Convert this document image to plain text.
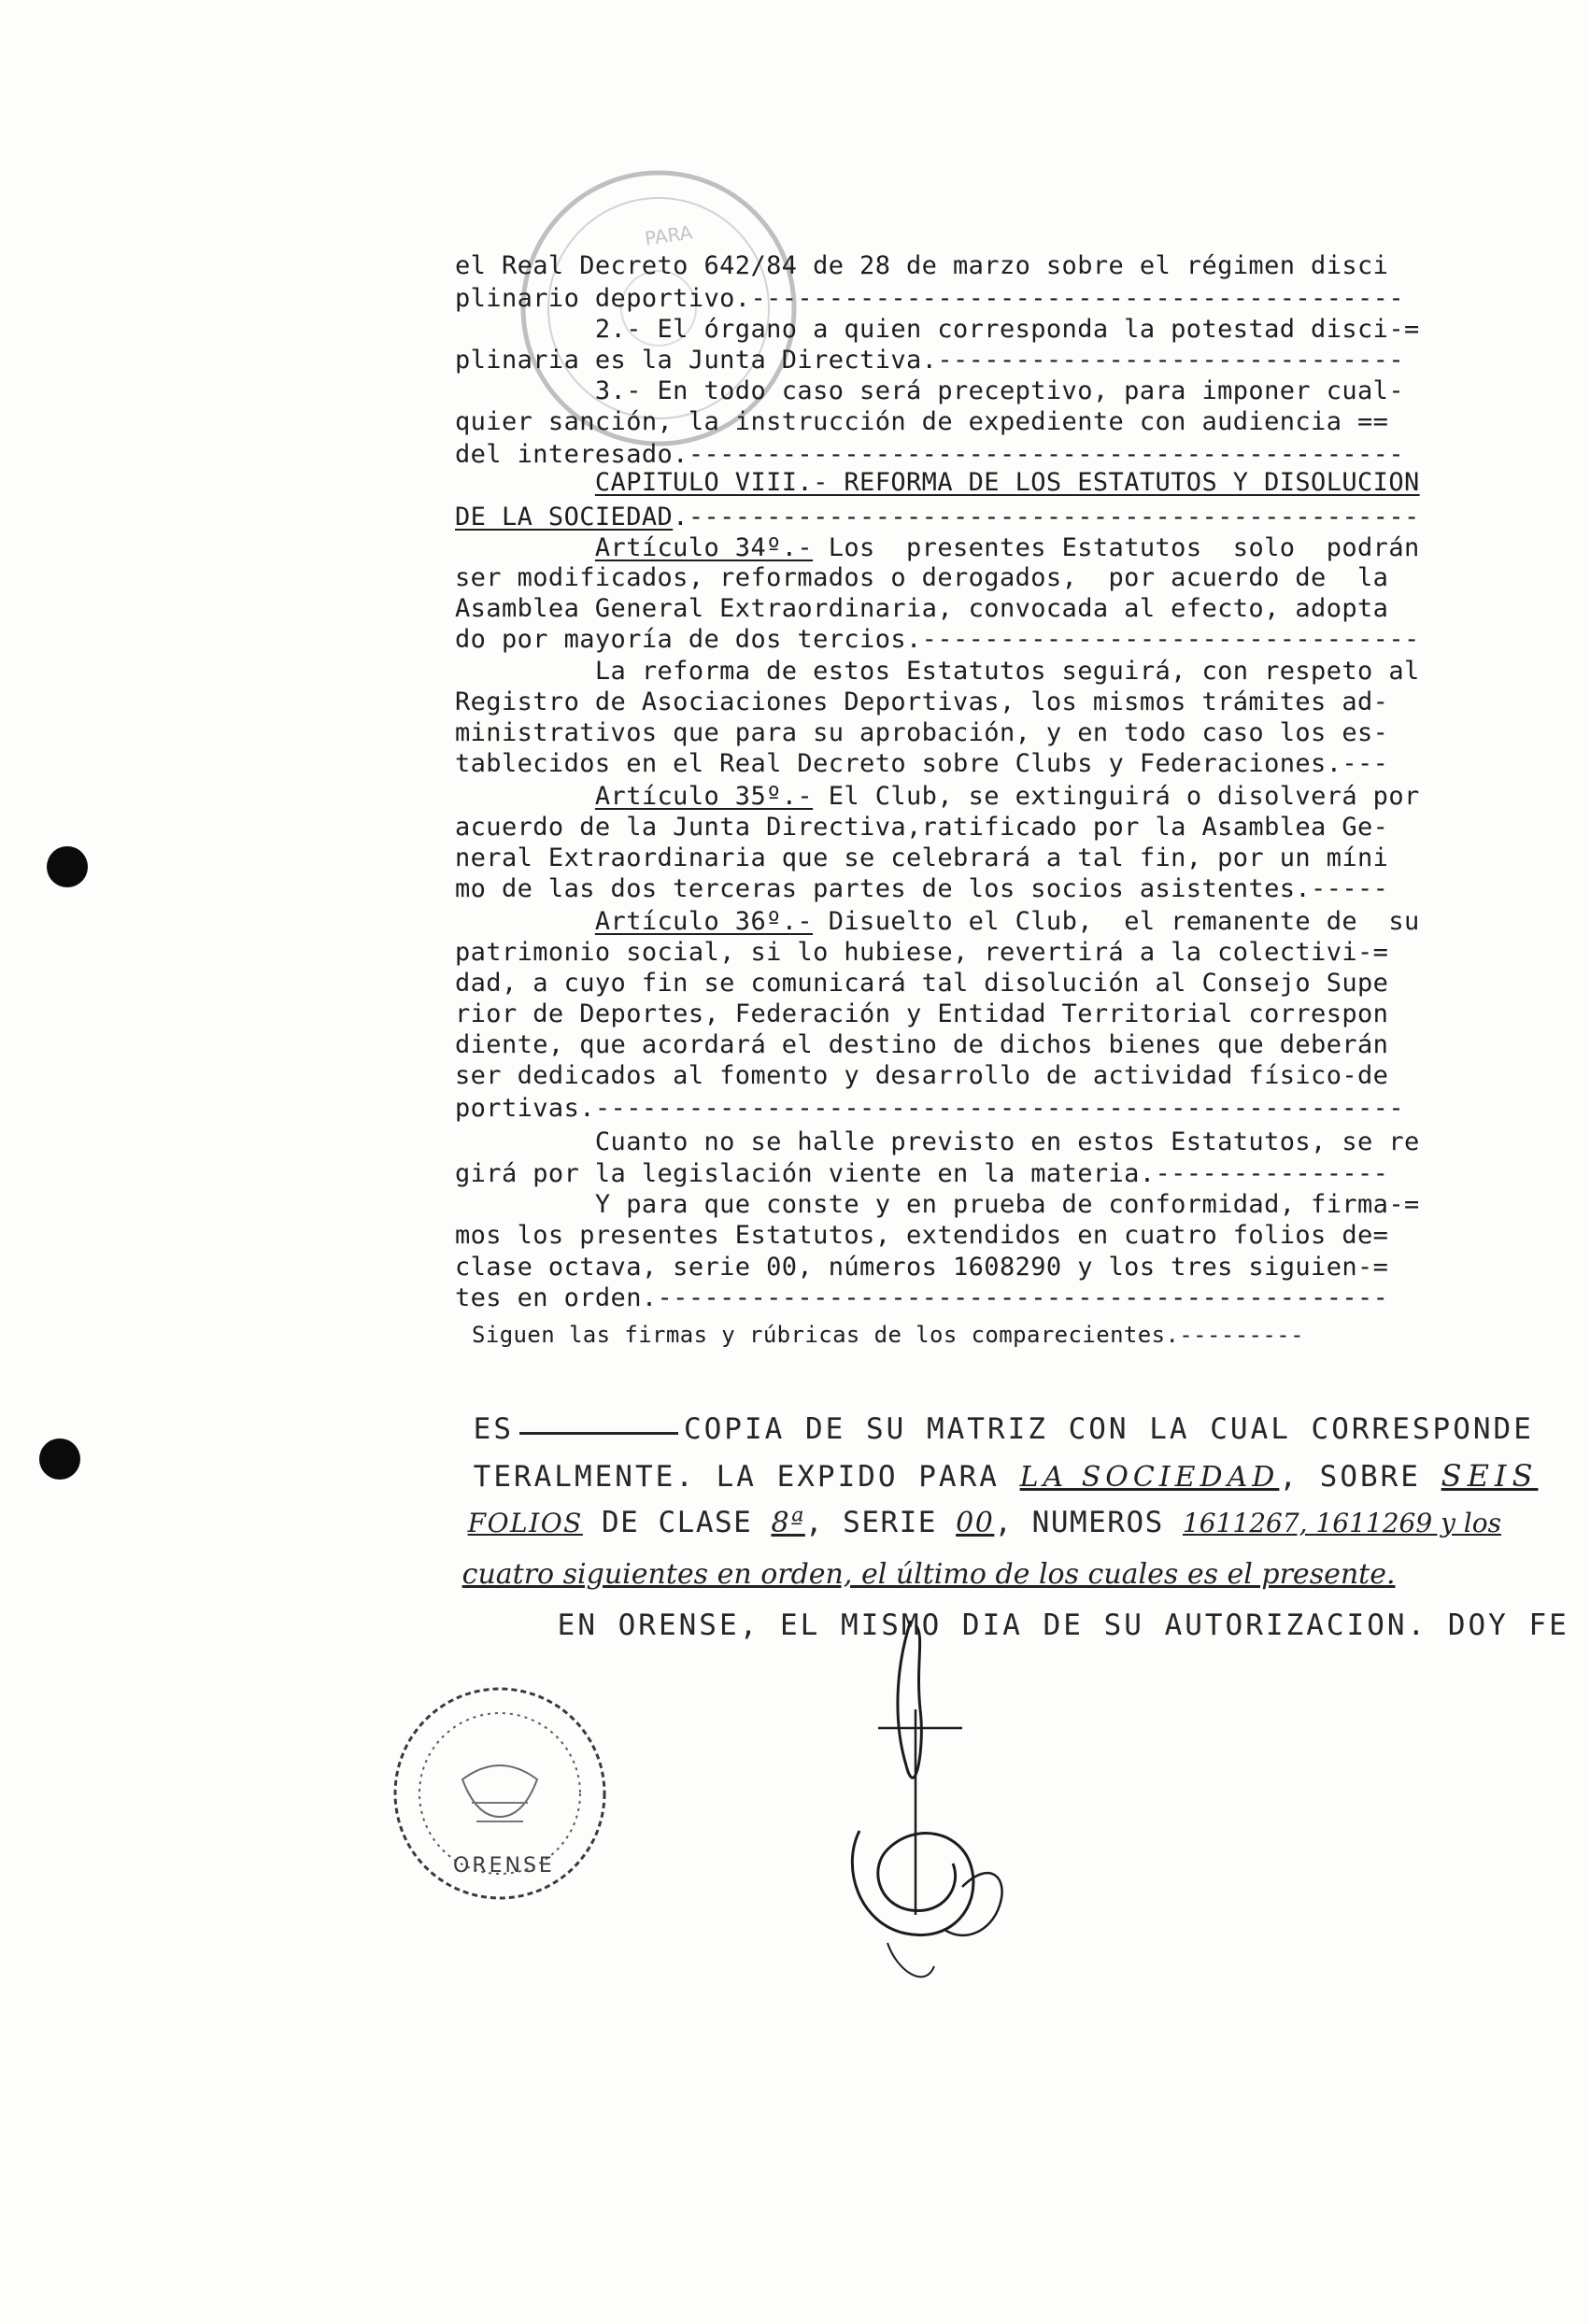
PARA
el Real Decreto 642/84 de 28 de marzo sobre el régimen disci
plinario deportivo.------------------------------------------
2.- El órgano a quien corresponda la potestad disci-=
plinaria es la Junta Directiva.------------------------------
3.- En todo caso será preceptivo, para imponer cual-
quier sanción, la instrucción de expediente con audiencia ==
del interesado.----------------------------------------------
CAPITULO VIII.- REFORMA DE LOS ESTATUTOS Y DISOLUCION
DE LA SOCIEDAD.-----------------------------------------------
Artículo 34º.- Los  presentes Estatutos  solo  podrán
ser modificados, reformados o derogados,  por acuerdo de  la
Asamblea General Extraordinaria, convocada al efecto, adopta
do por mayoría de dos tercios.--------------------------------
La reforma de estos Estatutos seguirá, con respeto al
Registro de Asociaciones Deportivas, los mismos trámites ad-
ministrativos que para su aprobación, y en todo caso los es-
tablecidos en el Real Decreto sobre Clubs y Federaciones.---
Artículo 35º.- El Club, se extinguirá o disolverá por
acuerdo de la Junta Directiva,ratificado por la Asamblea Ge-
neral Extraordinaria que se celebrará a tal fin, por un míni
mo de las dos terceras partes de los socios asistentes.-----
Artículo 36º.- Disuelto el Club,  el remanente de  su
patrimonio social, si lo hubiese, revertirá a la colectivi-=
dad, a cuyo fin se comunicará tal disolución al Consejo Supe
rior de Deportes, Federación y Entidad Territorial correspon
diente, que acordará el destino de dichos bienes que deberán
ser dedicados al fomento y desarrollo de actividad físico-de
portivas.----------------------------------------------------
Cuanto no se halle previsto en estos Estatutos, se re
girá por la legislación viente en la materia.---------------
Y para que conste y en prueba de conformidad, firma-=
mos los presentes Estatutos, extendidos en cuatro folios de=
clase octava, serie 00, números 1608290 y los tres siguien-=
tes en orden.-----------------------------------------------
Siguen las firmas y rúbricas de los comparecientes.---------

ES	COPIA DE SU MATRIZ CON LA CUAL CORRESPONDE

TERALMENTE. LA EXPIDO PARA LA SOCIEDAD, SOBRE SEIS

FOLIOS DE CLASE 8ª, SERIE 00, NUMEROS 1611267, 1611269 y los

cuatro siguientes en orden, el último de los cuales es el presente.

EN ORENSE, EL MISMO DIA DE SU AUTORIZACION. DOY FE

ORENSE
